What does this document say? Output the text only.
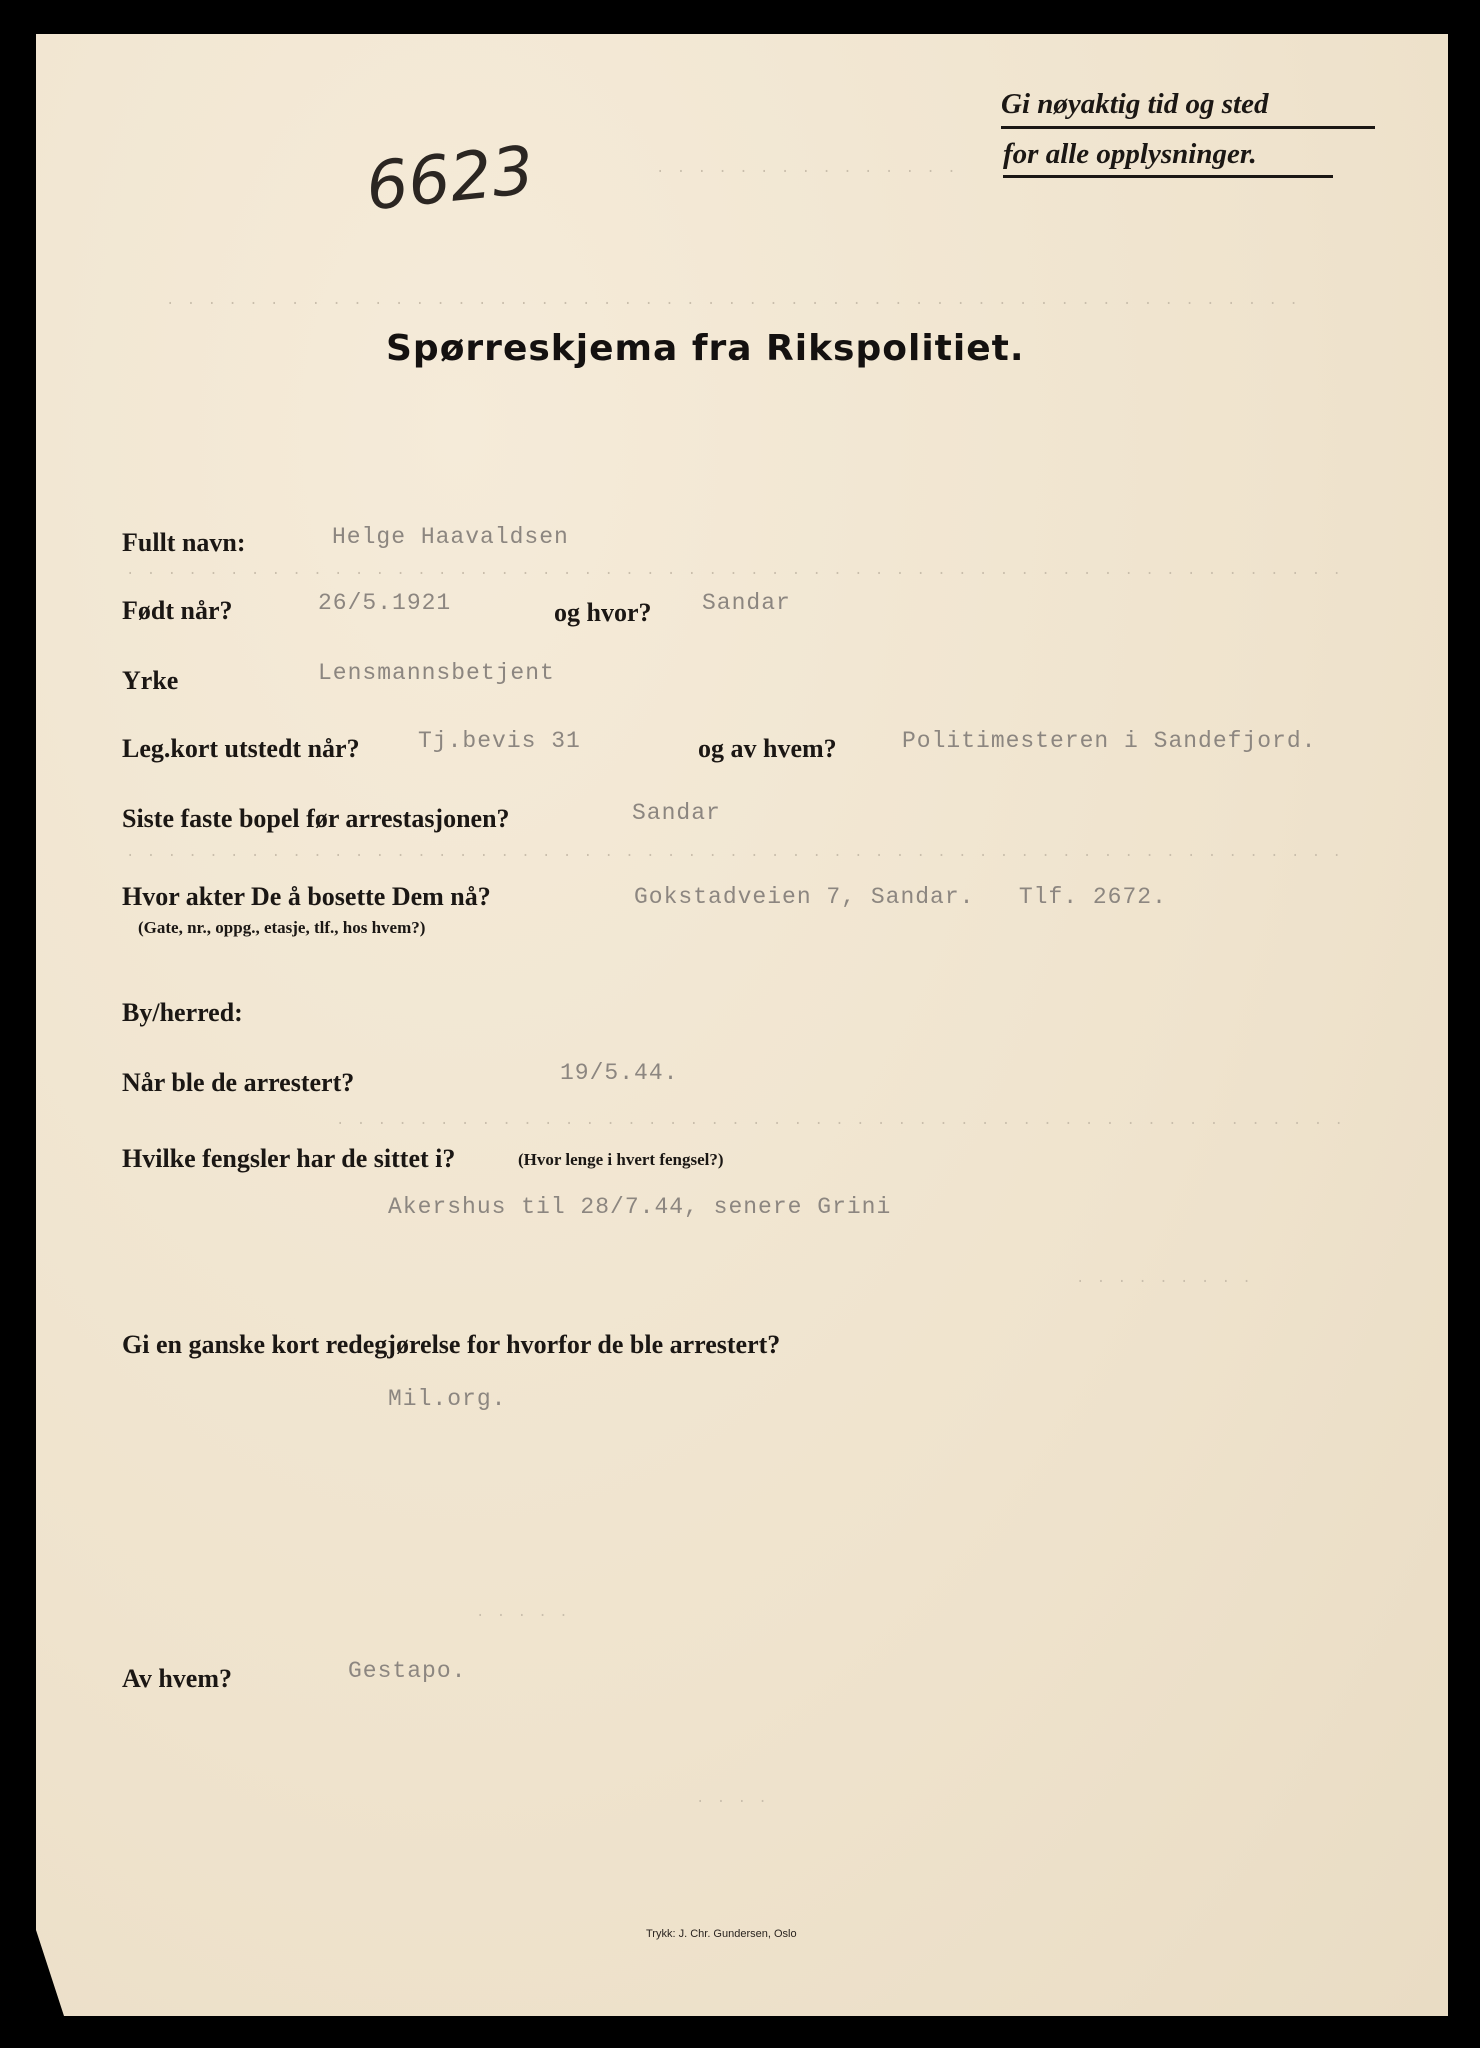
· · · · · · · · · · · · · · ·
· · · · · · · · · · · · · · · · · · · · · · · · · · · · · · · · · · · · · · · · · · · · · · · · · · · · · · ·
· · · · · · · · · · · · · · · · · · · · · · · · · · · · · · · · · · · · · · · · · · · · · · · · · · · · · · · · · · ·
· · · · · · · · · · · · · · · · · · · · · · · · · · · · · · · · · · · · · · · · · · · · · · · · · · · · · · · · · · ·
· · · · · · · · · · · · · · · · · · · · · · · · · · · · · · · · · · · · · · · · · · · · · · · · ·
· · · · · · · · ·
· · · · ·
· · · ·
6623
Gi nøyaktig tid og sted
for alle opplysninger.
Spørreskjema fra Rikspolitiet.
Fullt navn:	Helge Haavaldsen
Født når?	26/5.1921	og hvor? Sandar
Yrke	Lensmannsbetjent
Leg.kort utstedt når?	Tj.bevis 31	og av hvem?	Politimesteren i Sandefjord.
Siste faste bopel før arrestasjonen?	Sandar
Hvor akter De å bosette Dem nå?
(Gate, nr., oppg., etasje, tlf., hos hvem?)
Gokstadveien 7, Sandar.   Tlf. 2672.
By/herred:
Når ble de arrestert?	19/5.44.
Hvilke fengsler har de sittet i?	(Hvor lenge i hvert fengsel?)
Akershus til 28/7.44, senere Grini
Gi en ganske kort redegjørelse for hvorfor de ble arrestert?
Mil.org.
Av hvem?	Gestapo.
Trykk: J. Chr. Gundersen, Oslo
